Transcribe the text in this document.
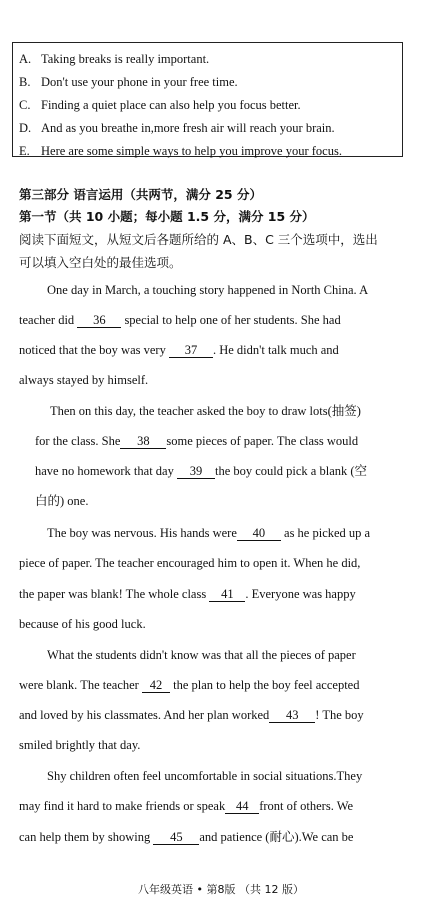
A. Taking breaks is really important.
B. Don't use your phone in your free time.
C. Finding a quiet place can also help you focus better.
D. And as you breathe in,more fresh air will reach your brain.
E. Here are some simple ways to help you improve your focus.
第三部分 语言运用（共两节，满分 25 分）
第一节（共 10 小题；每小题 1.5 分，满分 15 分）
阅读下面短文，从短文后各题所给的 A、B、C 三个选项中，选出
可以填入空白处的最佳选项。
One day in March, a touching story happened in North China. A
teacher did 36 special to help one of her students. She had
noticed that the boy was very 37 . He didn't talk much and
always stayed by himself.
Then on this day, the teacher asked the boy to draw lots(抽签)
for the class. She 38 some pieces of paper. The class would
have no homework that day 39 the boy could pick a blank (空
白的) one.
The boy was nervous. His hands were 40 as he picked up a
piece of paper. The teacher encouraged him to open it. When he did,
the paper was blank! The whole class 41 . Everyone was happy
because of his good luck.
What the students didn't know was that all the pieces of paper
were blank. The teacher 42 the plan to help the boy feel accepted
and loved by his classmates. And her plan worked 43 ! The boy
smiled brightly that day.
Shy children often feel uncomfortable in social situations.They
may find it hard to make friends or speak 44 front of others. We
can help them by showing 45 and patience (耐心).We can be
八年级英语 • 第8版 （共 12 版）
